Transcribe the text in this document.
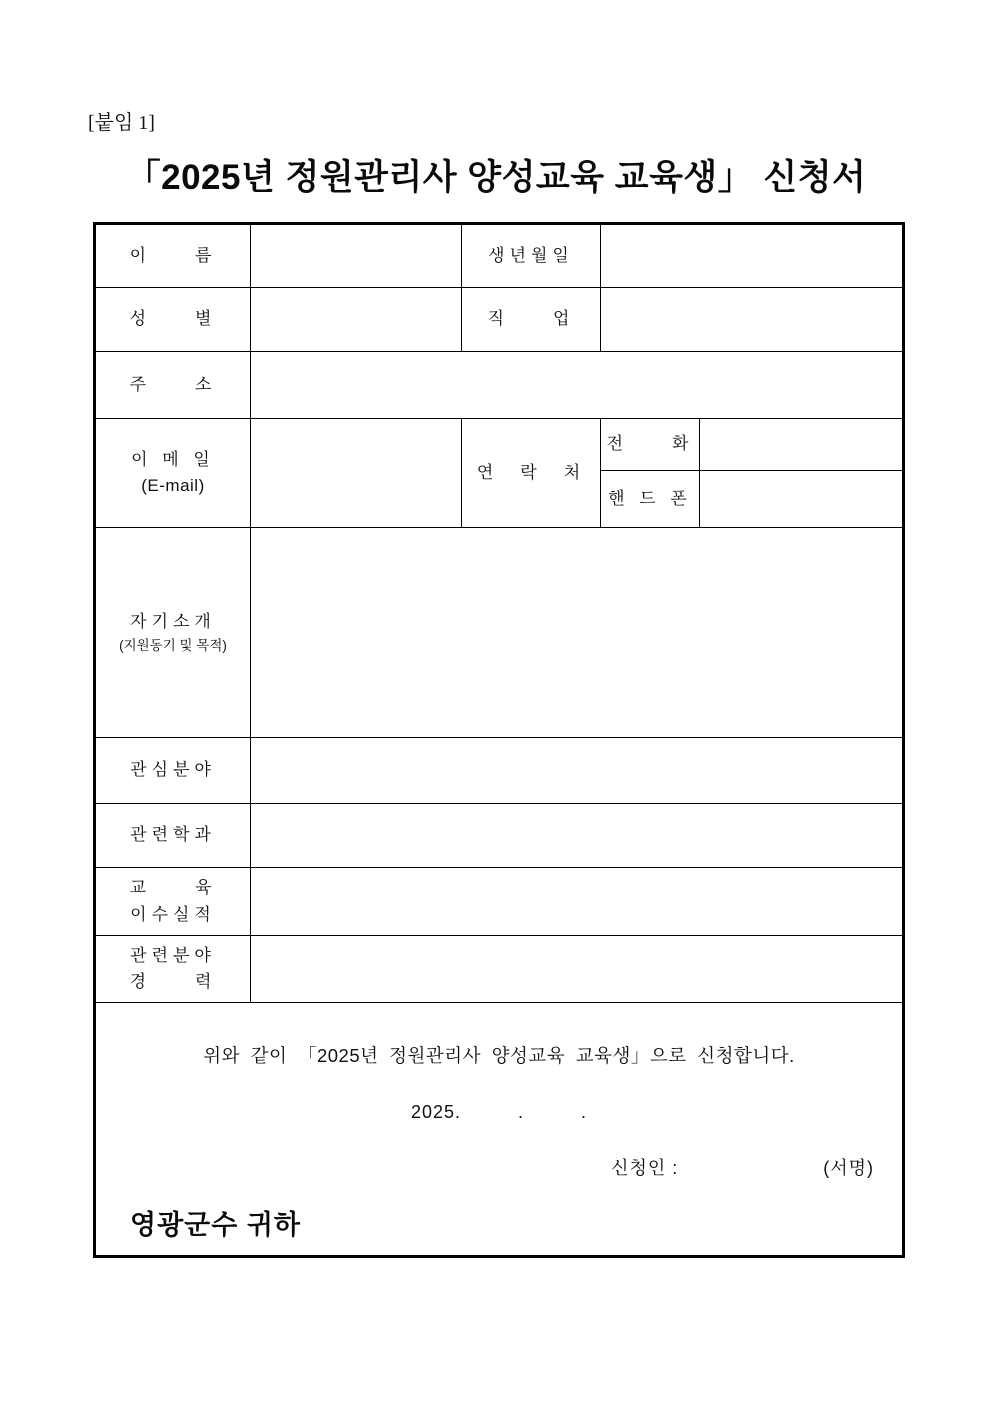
[붙임 1]
「2025년 정원관리사 양성교육 교육생」 신청서
이　　름		생년월일		
성　　별		직　　업		
주　　소				

이 메 일
(E-mail)		연　락　처	전　　화	
			핸 드 폰	

자기소개
(지원동기 및 목적)				

관심분야				
관련학과				

교　　육
이수실적				

관련분야
경　　력				

위와 같이 「2025년 정원관리사 양성교육 교육생」으로 신청합니다.
2025.　　　.　　　.
신청인 : (서명)
영광군수 귀하				
